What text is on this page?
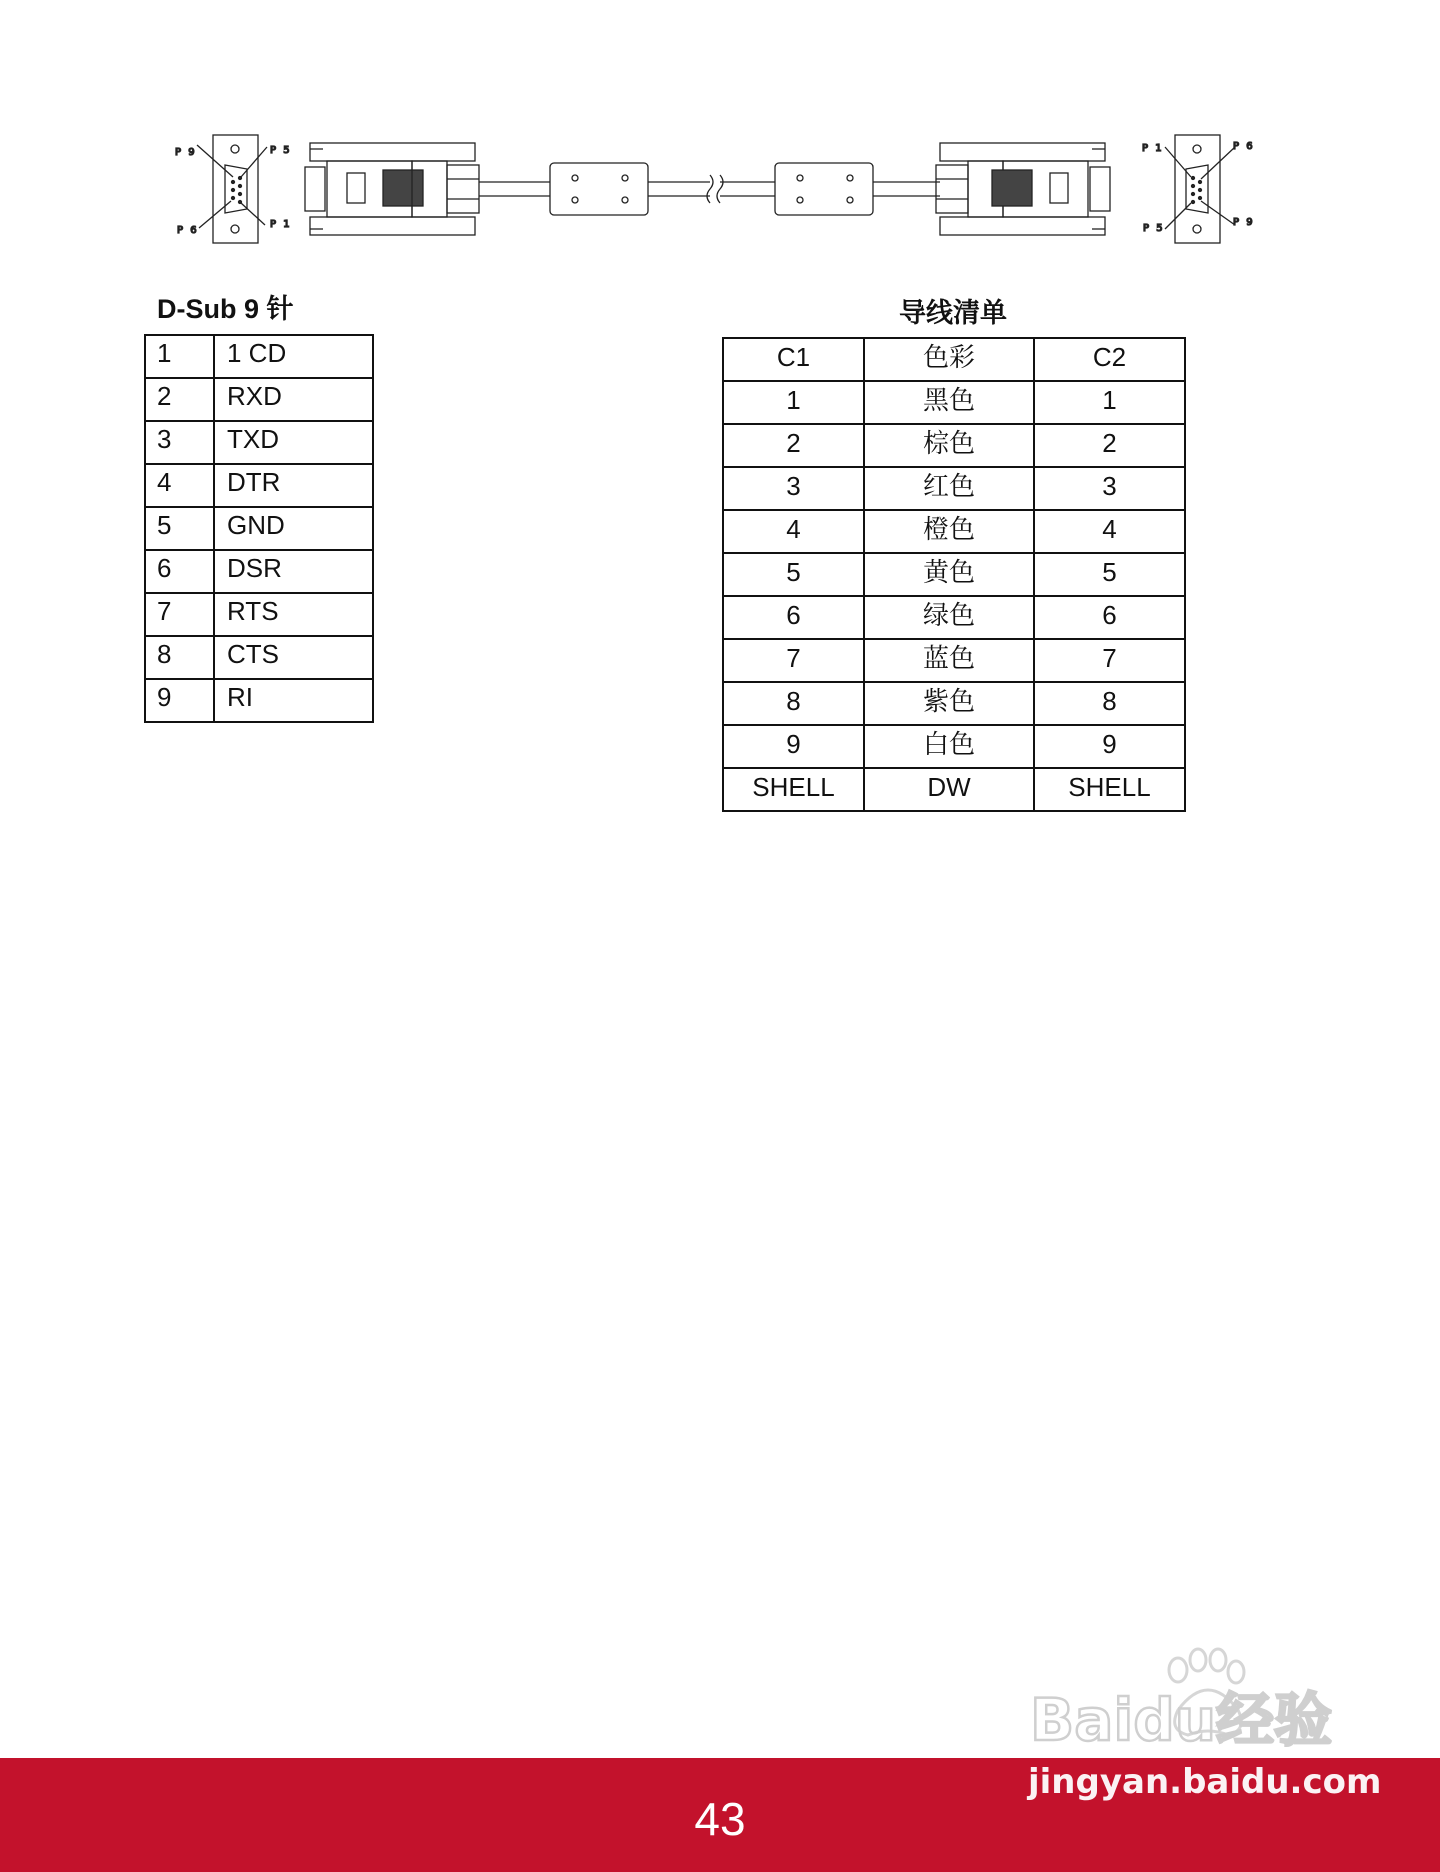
P 9	P 5
P 6
P 1
P 1	P 6
P 5
P 9
D-Sub 9 针
1	1 CD
2	RXD
3	TXD
4	DTR
5	GND
6	DSR
7	RTS
8	CTS
9	RI
导线清单
C1	色彩	C2
1	黑色	1
2	棕色	2
3	红色	3
4	橙色	4
5	黄色	5
6	绿色	6
7	蓝色	7
8	紫色	8
9	白色	9
SHELL	DW	SHELL
43
Baidu经验
jingyan.baidu.com
